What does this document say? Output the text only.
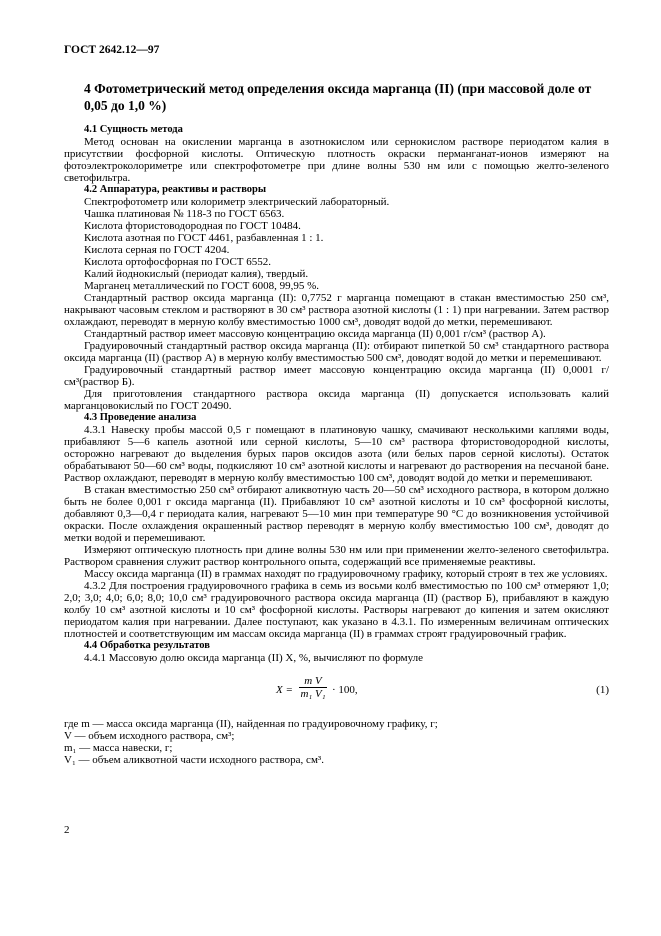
ГОСТ 2642.12—97
4 Фотометрический метод определения оксида марганца (II) (при массовой доле от 0,05 до 1,0 %)
4.1 Сущность метода

Метод основан на окислении марганца в азотнокислом или сернокислом растворе периодатом калия в присутствии фосфорной кислоты. Оптическую плотность окраски перманганат-ионов измеряют на фотоэлектроколориметре или спектрофотометре при длине волны 530 нм или с помощью желто-зеленого светофильтра.

4.2 Аппаратура, реактивы и растворы
Спектрофотометр или колориметр электрический лабораторный.
Чашка платиновая № 118-3 по ГОСТ 6563.
Кислота фтористоводородная по ГОСТ 10484.
Кислота азотная по ГОСТ 4461, разбавленная 1 : 1.
Кислота серная по ГОСТ 4204.
Кислота ортофосфорная по ГОСТ 6552.
Калий йоднокислый (периодат калия), твердый.
Марганец металлический по ГОСТ 6008, 99,95 %.

Стандартный раствор оксида марганца (II): 0,7752 г марганца помещают в стакан вместимостью 250 см³, накрывают часовым стеклом и растворяют в 30 см³ раствора азотной кислоты (1 : 1) при нагревании. Затем раствор охлаждают, переводят в мерную колбу вместимостью 1000 см³, доводят водой до метки, перемешивают.

Стандартный раствор имеет массовую концентрацию оксида марганца (II) 0,001 г/см³ (раствор А).

Градуировочный стандартный раствор оксида марганца (II): отбирают пипеткой 50 см³ стандартного раствора оксида марганца (II) (раствор А) в мерную колбу вместимостью 500 см³, доводят водой до метки и перемешивают.

Градуировочный стандартный раствор имеет массовую концентрацию оксида марганца (II) 0,0001 г/см³(раствор Б).

Для приготовления стандартного раствора оксида марганца (II) допускается использовать калий марганцовокислый по ГОСТ 20490.

4.3 Проведение анализа

4.3.1 Навеску пробы массой 0,5 г помещают в платиновую чашку, смачивают несколькими каплями воды, прибавляют 5—6 капель азотной или серной кислоты, 5—10 см³ раствора фтористоводородной кислоты, осторожно нагревают до выделения бурых паров оксидов азота (или белых паров серной кислоты). Остаток обрабатывают 50—60 см³ воды, подкисляют 10 см³ азотной кислоты и нагревают до растворения на песчаной бане. Раствор охлаждают, переводят в мерную колбу вместимостью 100 см³, доводят водой до метки и перемешивают.

В стакан вместимостью 250 см³ отбирают аликвотную часть 20—50 см³ исходного раствора, в котором должно быть не более 0,001 г оксида марганца (II). Прибавляют 10 см³ азотной кислоты и 10 см³ фосфорной кислоты, добавляют 0,3—0,4 г периодата калия, нагревают 5—10 мин при температуре 90 °С до возникновения устойчивой окраски. После охлаждения окрашенный раствор переводят в мерную колбу вместимостью 100 см³, доводят до метки водой и перемешивают.

Измеряют оптическую плотность при длине волны 530 нм или при применении желто-зеленого светофильтра. Раствором сравнения служит раствор контрольного опыта, содержащий все применяемые реактивы.

Массу оксида марганца (II) в граммах находят по градуировочному графику, который строят в тех же условиях.

4.3.2 Для построения градуировочного графика в семь из восьми колб вместимостью по 100 см³ отмеряют 1,0; 2,0; 3,0; 4,0; 6,0; 8,0; 10,0 см³ градуировочного раствора оксида марганца (II) (раствор Б), прибавляют в каждую колбу 10 см³ азотной кислоты и 10 см³ фосфорной кислоты. Растворы нагревают до кипения и затем окисляют периодатом калия при нагревании. Далее поступают, как указано в 4.3.1. По измеренным величинам оптических плотностей и соответствующим им массам оксида марганца (II) в граммах строят градуировочный график.

4.4 Обработка результатов

4.4.1 Массовую долю оксида марганца (II) X, %, вычисляют по формуле

$X = \frac{\text{m V}}{\text{m₁ V₁}} \cdot 100$,	(1)

где m — масса оксида марганца (II), найденная по градуировочному графику, г;

V — объем исходного раствора, см³;

m₁ — масса навески, г;

V₁ — объем аликвотной части исходного раствора, см³.

2
